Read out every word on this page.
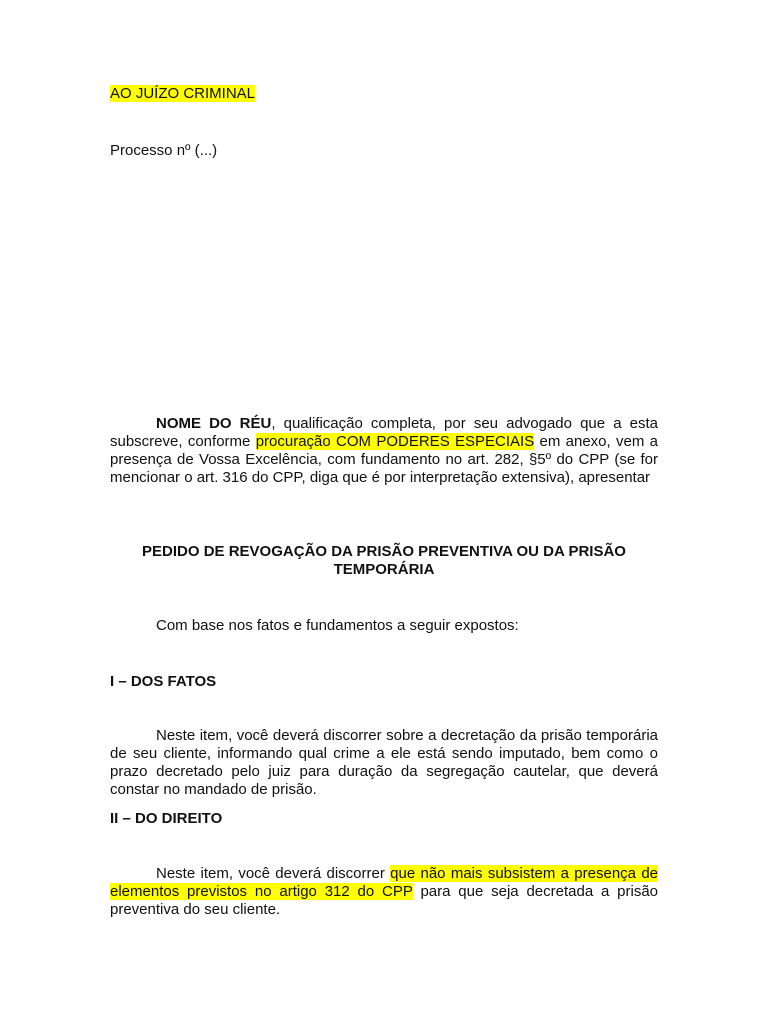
AO JUÍZO CRIMINAL

Processo nº (...)

NOME DO RÉU, qualificação completa, por seu advogado que a esta subscreve, conforme procuração COM PODERES ESPECIAIS em anexo, vem a presença de Vossa Excelência, com fundamento no art. 282, §5º do CPP (se for mencionar o art. 316 do CPP, diga que é por interpretação extensiva), apresentar

PEDIDO DE REVOGAÇÃO DA PRISÃO PREVENTIVA OU DA PRISÃO TEMPORÁRIA

Com base nos fatos e fundamentos a seguir expostos:

I – DOS FATOS

Neste item, você deverá discorrer sobre a decretação da prisão temporária de seu cliente, informando qual crime a ele está sendo imputado, bem como o prazo decretado pelo juiz para duração da segregação cautelar, que deverá constar no mandado de prisão.

II – DO DIREITO

Neste item, você deverá discorrer que não mais subsistem a presença de elementos previstos no artigo 312 do CPP para que seja decretada a prisão preventiva do seu cliente.
